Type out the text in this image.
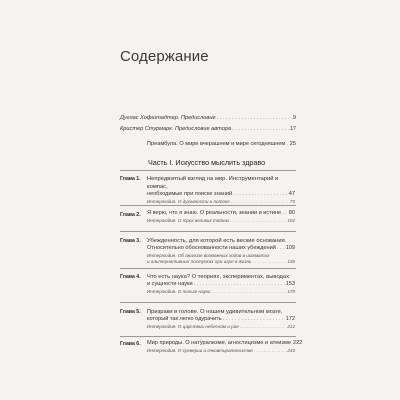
Содержание
Дуглас Хофштадтер. Предисловие . . .	9
Кристер Стурмарк. Предисловие автора . . .	17
Преамбула. О мире вчерашнем и мире сегодняшнем . . . 25
Часть I. Искусство мыслить здраво
Глава 1. Непредвзятый взгляд на мир. Инструментарий и компас,
необходимые при поиске знаний . . .	47
Интерлюдия. О духовности и потоке . . .	73
Глава 2. Я верю, что я знаю. О реальности, знании и истине . . . 80
Интерлюдия. О трех великих тайнах . . .	102
Глава 3. Убежденность, для которой есть веские основания.
Относительно обоснованности наших убеждений . . . 109
Интерлюдия. Об анализе возможных ходов в шахматах
и альтернативных поступках при игре в жизнь . . .	136
Глава 4. Что есть наука? О теориях, экспериментах, выводах
и сущности науки . . .	153
Интерлюдия. О пользе науки . . .	170
Глава 5. Призраки в голове. О нашем удивительном мозге,
который так легко одурачить . . .	172
Интерлюдия. О царствии небесном и рае . . .	212
Глава 6. Мир природы. О натурализме, агностицизме и атеизме 222
Интерлюдия. О суеверии и очковтирательстве . . .	240
